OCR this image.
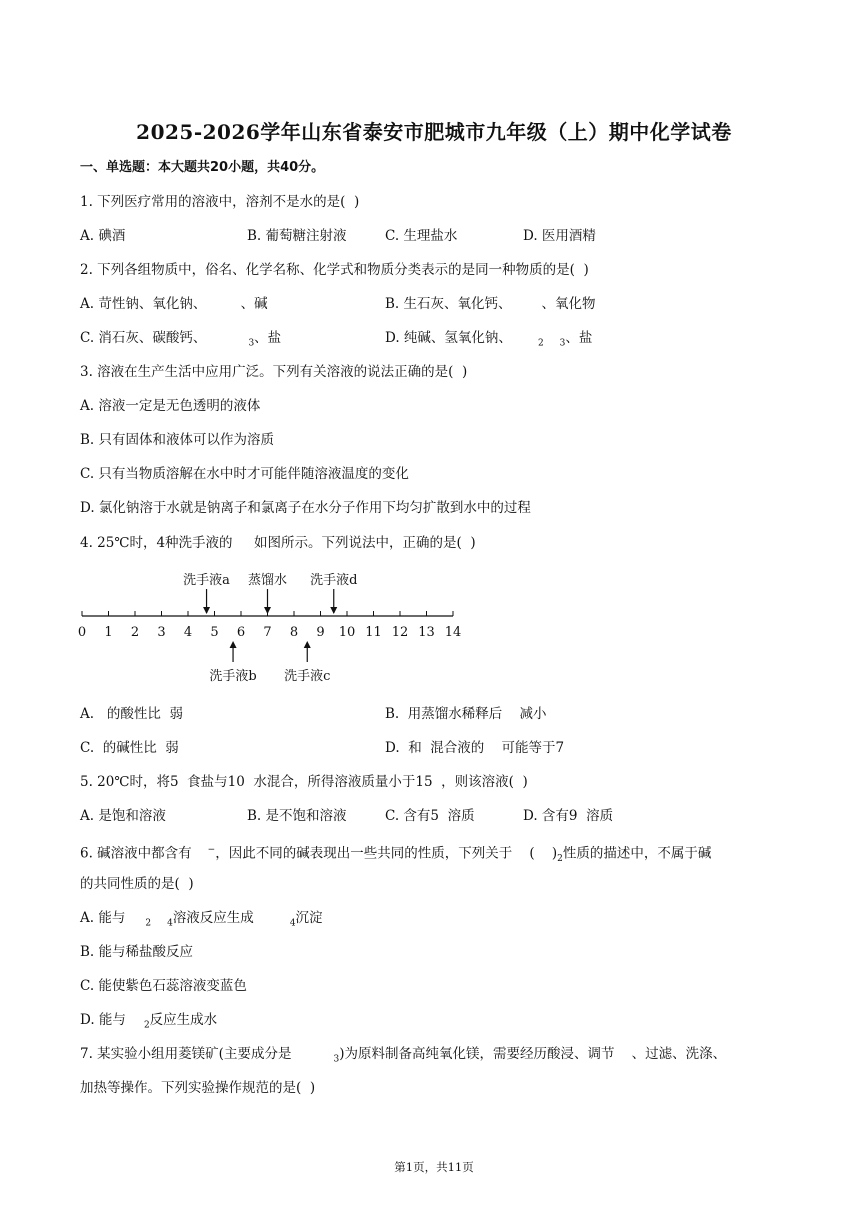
2025-2026学年山东省泰安市肥城市九年级（上）期中化学试卷
一、单选题：本大题共20小题，共40分。
1. 下列医疗常用的溶液中，溶剂不是水的是(  )
A. 碘酒	B. 葡萄糖注射液	C. 生理盐水	D. 医用酒精
2. 下列各组物质中，俗名、化学名称、化学式和物质分类表示的是同一种物质的是(  )
A. 苛性钠、氧化钠、        、碱	B. 生石灰、氧化钙、       、氧化物
C. 消石灰、碳酸钙、	$_3$、盐	D. 纯碱、氢氧化钠、	$_2$ $_3$、盐
3. 溶液在生产生活中应用广泛。下列有关溶液的说法正确的是(  )
A. 溶液一定是无色透明的液体
B. 只有固体和液体可以作为溶质
C. 只有当物质溶解在水中时才可能伴随溶液温度的变化
D. 氯化钠溶于水就是钠离子和氯离子在水分子作用下均匀扩散到水中的过程
4. 25℃时，4种洗手液的     如图所示。下列说法中，正确的是(  )
0 1 2 3 4 5 6 7 8 9 10 11 12 13 14
洗手液a 蒸馏水 洗手液d
洗手液b 洗手液c
A.   的酸性比  弱	B.  用蒸馏水稀释后    减小
C.  的碱性比  弱	D.  和  混合液的    可能等于7
5. 20℃时，将5  食盐与10  水混合，所得溶液质量小于15  ，则该溶液(  )
A. 是饱和溶液	B. 是不饱和溶液	C. 含有5  溶质	D. 含有9  溶质
6. 碱溶液中都含有 −，因此不同的碱表现出一些共同的性质，下列关于    (    )$_2$性质的描述中，不属于碱
的共同性质的是(  )
A. 能与 $_2$ $_4$溶液反应生成	$_4$沉淀
B. 能与稀盐酸反应
C. 能使紫色石蕊溶液变蓝色
D. 能与 $_2$反应生成水
7. 某实验小组用菱镁矿(主要成分是	$_3$)为原料制备高纯氧化镁，需要经历酸浸、调节    、过滤、洗涤、
加热等操作。下列实验操作规范的是(  )
第1页，共11页
